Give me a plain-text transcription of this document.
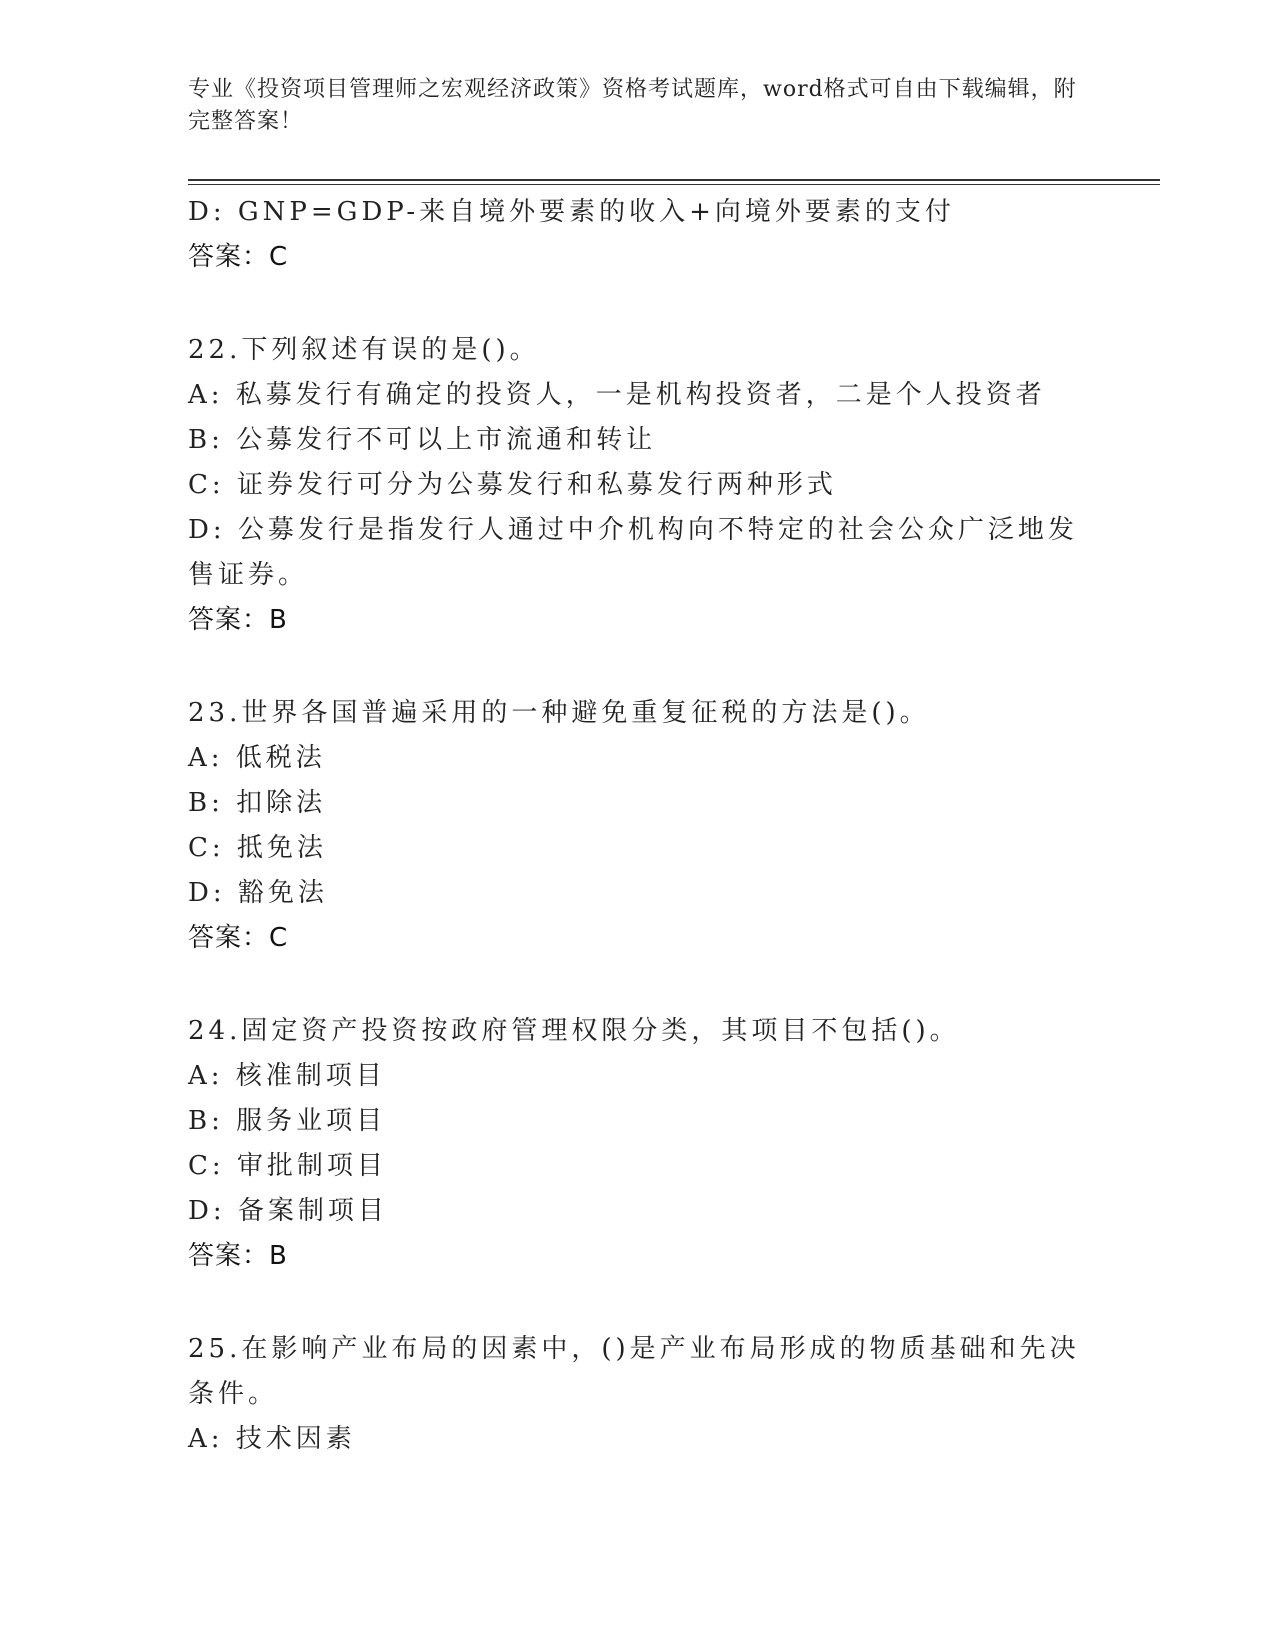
专业《投资项目管理师之宏观经济政策》资格考试题库，word格式可自由下载编辑，附完整答案！
D: GNP=GDP-来自境外要素的收入+向境外要素的支付
答案：C
22.下列叙述有误的是()。
A: 私募发行有确定的投资人，一是机构投资者，二是个人投资者
B: 公募发行不可以上市流通和转让
C: 证券发行可分为公募发行和私募发行两种形式
D: 公募发行是指发行人通过中介机构向不特定的社会公众广泛地发售证券。
答案：B
23.世界各国普遍采用的一种避免重复征税的方法是()。
A: 低税法
B: 扣除法
C: 抵免法
D: 豁免法
答案：C
24.固定资产投资按政府管理权限分类，其项目不包括()。
A: 核准制项目
B: 服务业项目
C: 审批制项目
D: 备案制项目
答案：B
25.在影响产业布局的因素中，()是产业布局形成的物质基础和先决条件。
A: 技术因素
